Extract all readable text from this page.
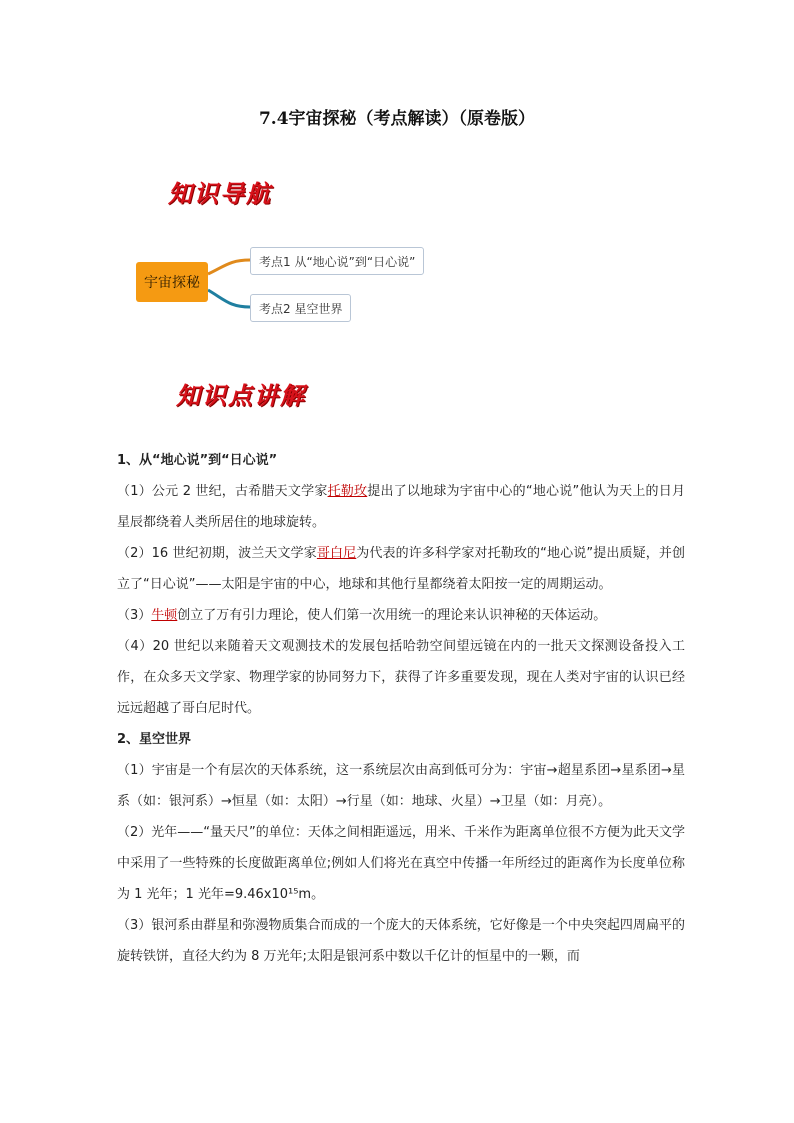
7.4宇宙探秘（考点解读）（原卷版）
知识导航
宇宙探秘
考点1 从“地心说”到“日心说”
考点2 星空世界
知识点讲解

1、从“地心说”到“日心说”

（1）公元 2 世纪，古希腊天文学家托勒玫提出了以地球为宇宙中心的“地心说”他认为天上的日月星辰都绕着人类所居住的地球旋转。

（2）16 世纪初期，波兰天文学家哥白尼为代表的许多科学家对托勒玫的“地心说”提出质疑，并创立了“日心说”——太阳是宇宙的中心，地球和其他行星都绕着太阳按一定的周期运动。

（3）牛顿创立了万有引力理论，使人们第一次用统一的理论来认识神秘的天体运动。

（4）20 世纪以来随着天文观测技术的发展包括哈勃空间望远镜在内的一批天文探测设备投入工作，在众多天文学家、物理学家的协同努力下，获得了许多重要发现，现在人类对宇宙的认识已经远远超越了哥白尼时代。

2、星空世界

（1）宇宙是一个有层次的天体系统，这一系统层次由高到低可分为：宇宙→超星系团→星系团→星系（如：银河系）→恒星（如：太阳）→行星（如：地球、火星）→卫星（如：月亮）。

（2）光年——“量天尺”的单位：天体之间相距遥远，用米、千米作为距离单位很不方便为此天文学中采用了一些特殊的长度做距离单位;例如人们将光在真空中传播一年所经过的距离作为长度单位称为 1 光年；1 光年=9.46x10¹⁵m。

（3）银河系由群星和弥漫物质集合而成的一个庞大的天体系统，它好像是一个中央突起四周扁平的旋转铁饼，直径大约为 8 万光年;太阳是银河系中数以千亿计的恒星中的一颗，而
